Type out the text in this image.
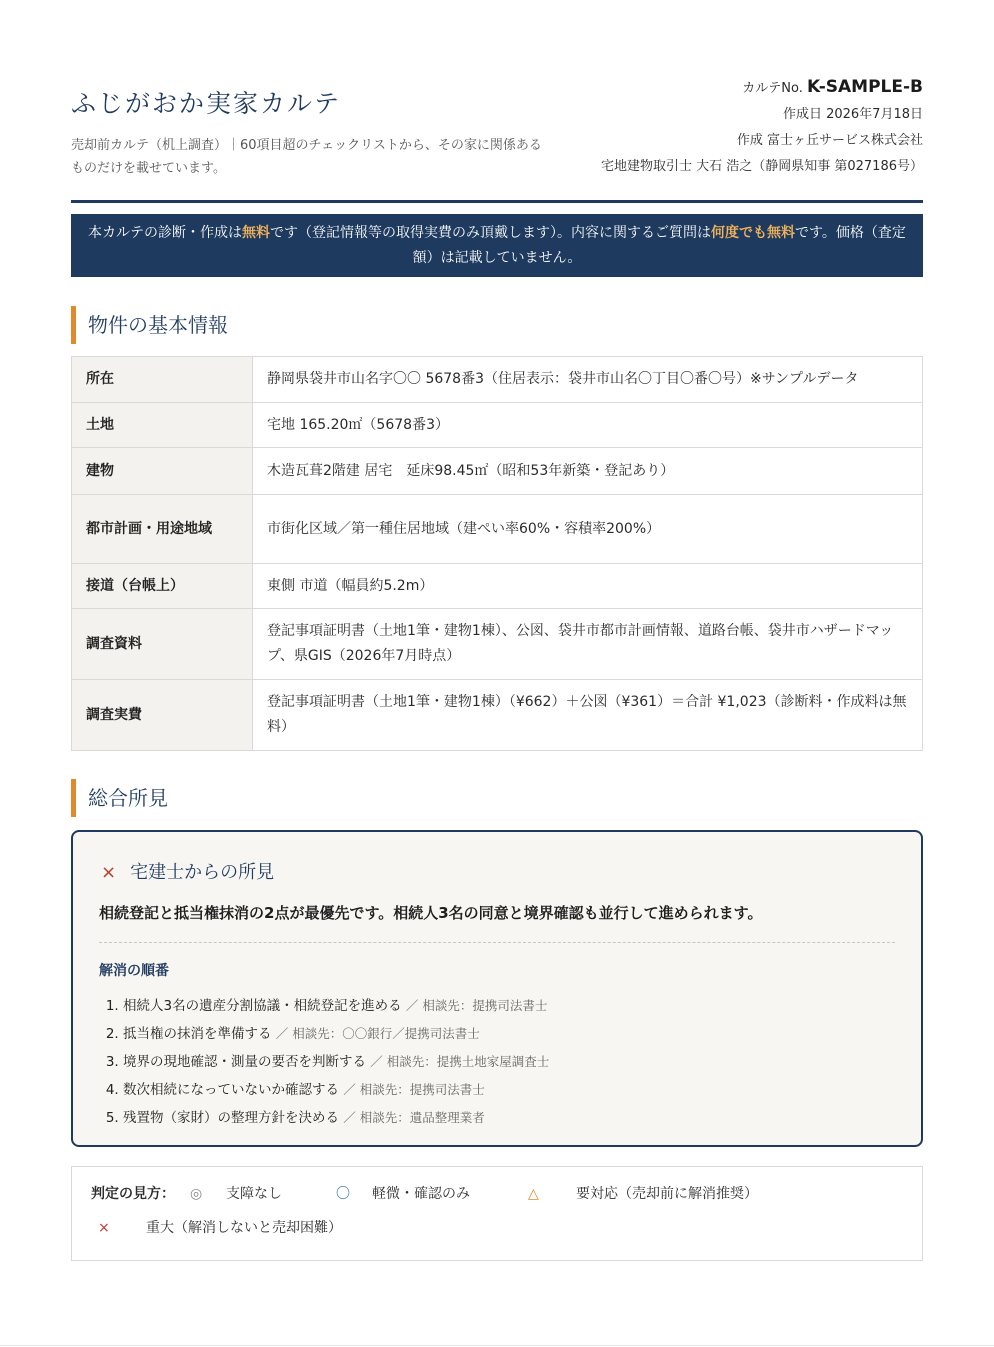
ふじがおか実家カルテ
売却前カルテ（机上調査）｜60項目超のチェックリストから、その家に関係あるものだけを載せています。
カルテNo. K-SAMPLE-B
作成日 2026年7月18日
作成 富士ヶ丘サービス株式会社
宅地建物取引士 大石 浩之（静岡県知事 第027186号）
本カルテの診断・作成は無料です（登記情報等の取得実費のみ頂戴します）。内容に関するご質問は何度でも無料です。価格（査定額）は記載していません。
物件の基本情報
所在	静岡県袋井市山名字〇〇 5678番3（住居表示：袋井市山名〇丁目〇番〇号）※サンプルデータ
土地	宅地 165.20㎡（5678番3）
建物	木造瓦葺2階建 居宅　延床98.45㎡（昭和53年新築・登記あり）
都市計画・用途地域	市街化区域／第一種住居地域（建ぺい率60%・容積率200%）
接道（台帳上）	東側 市道（幅員約5.2m）
調査資料	登記事項証明書（土地1筆・建物1棟）、公図、袋井市都市計画情報、道路台帳、袋井市ハザードマップ、県GIS（2026年7月時点）
調査実費	登記事項証明書（土地1筆・建物1棟）（¥662）＋公図（¥361）＝合計 ¥1,023（診断料・作成料は無料）
総合所見
× 宅建士からの所見
相続登記と抵当権抹消の2点が最優先です。相続人3名の同意と境界確認も並行して進められます。
解消の順番
1. 相続人3名の遺産分割協議・相続登記を進める ／ 相談先：提携司法書士
2. 抵当権の抹消を準備する ／ 相談先：〇〇銀行／提携司法書士
3. 境界の現地確認・測量の要否を判断する ／ 相談先：提携土地家屋調査士
4. 数次相続になっていないか確認する ／ 相談先：提携司法書士
5. 残置物（家財）の整理方針を決める ／ 相談先：遺品整理業者
判定の見方： ◎ 支障なし	〇 軽微・確認のみ	△	要対応（売却前に解消推奨）
×	重大（解消しないと売却困難）
